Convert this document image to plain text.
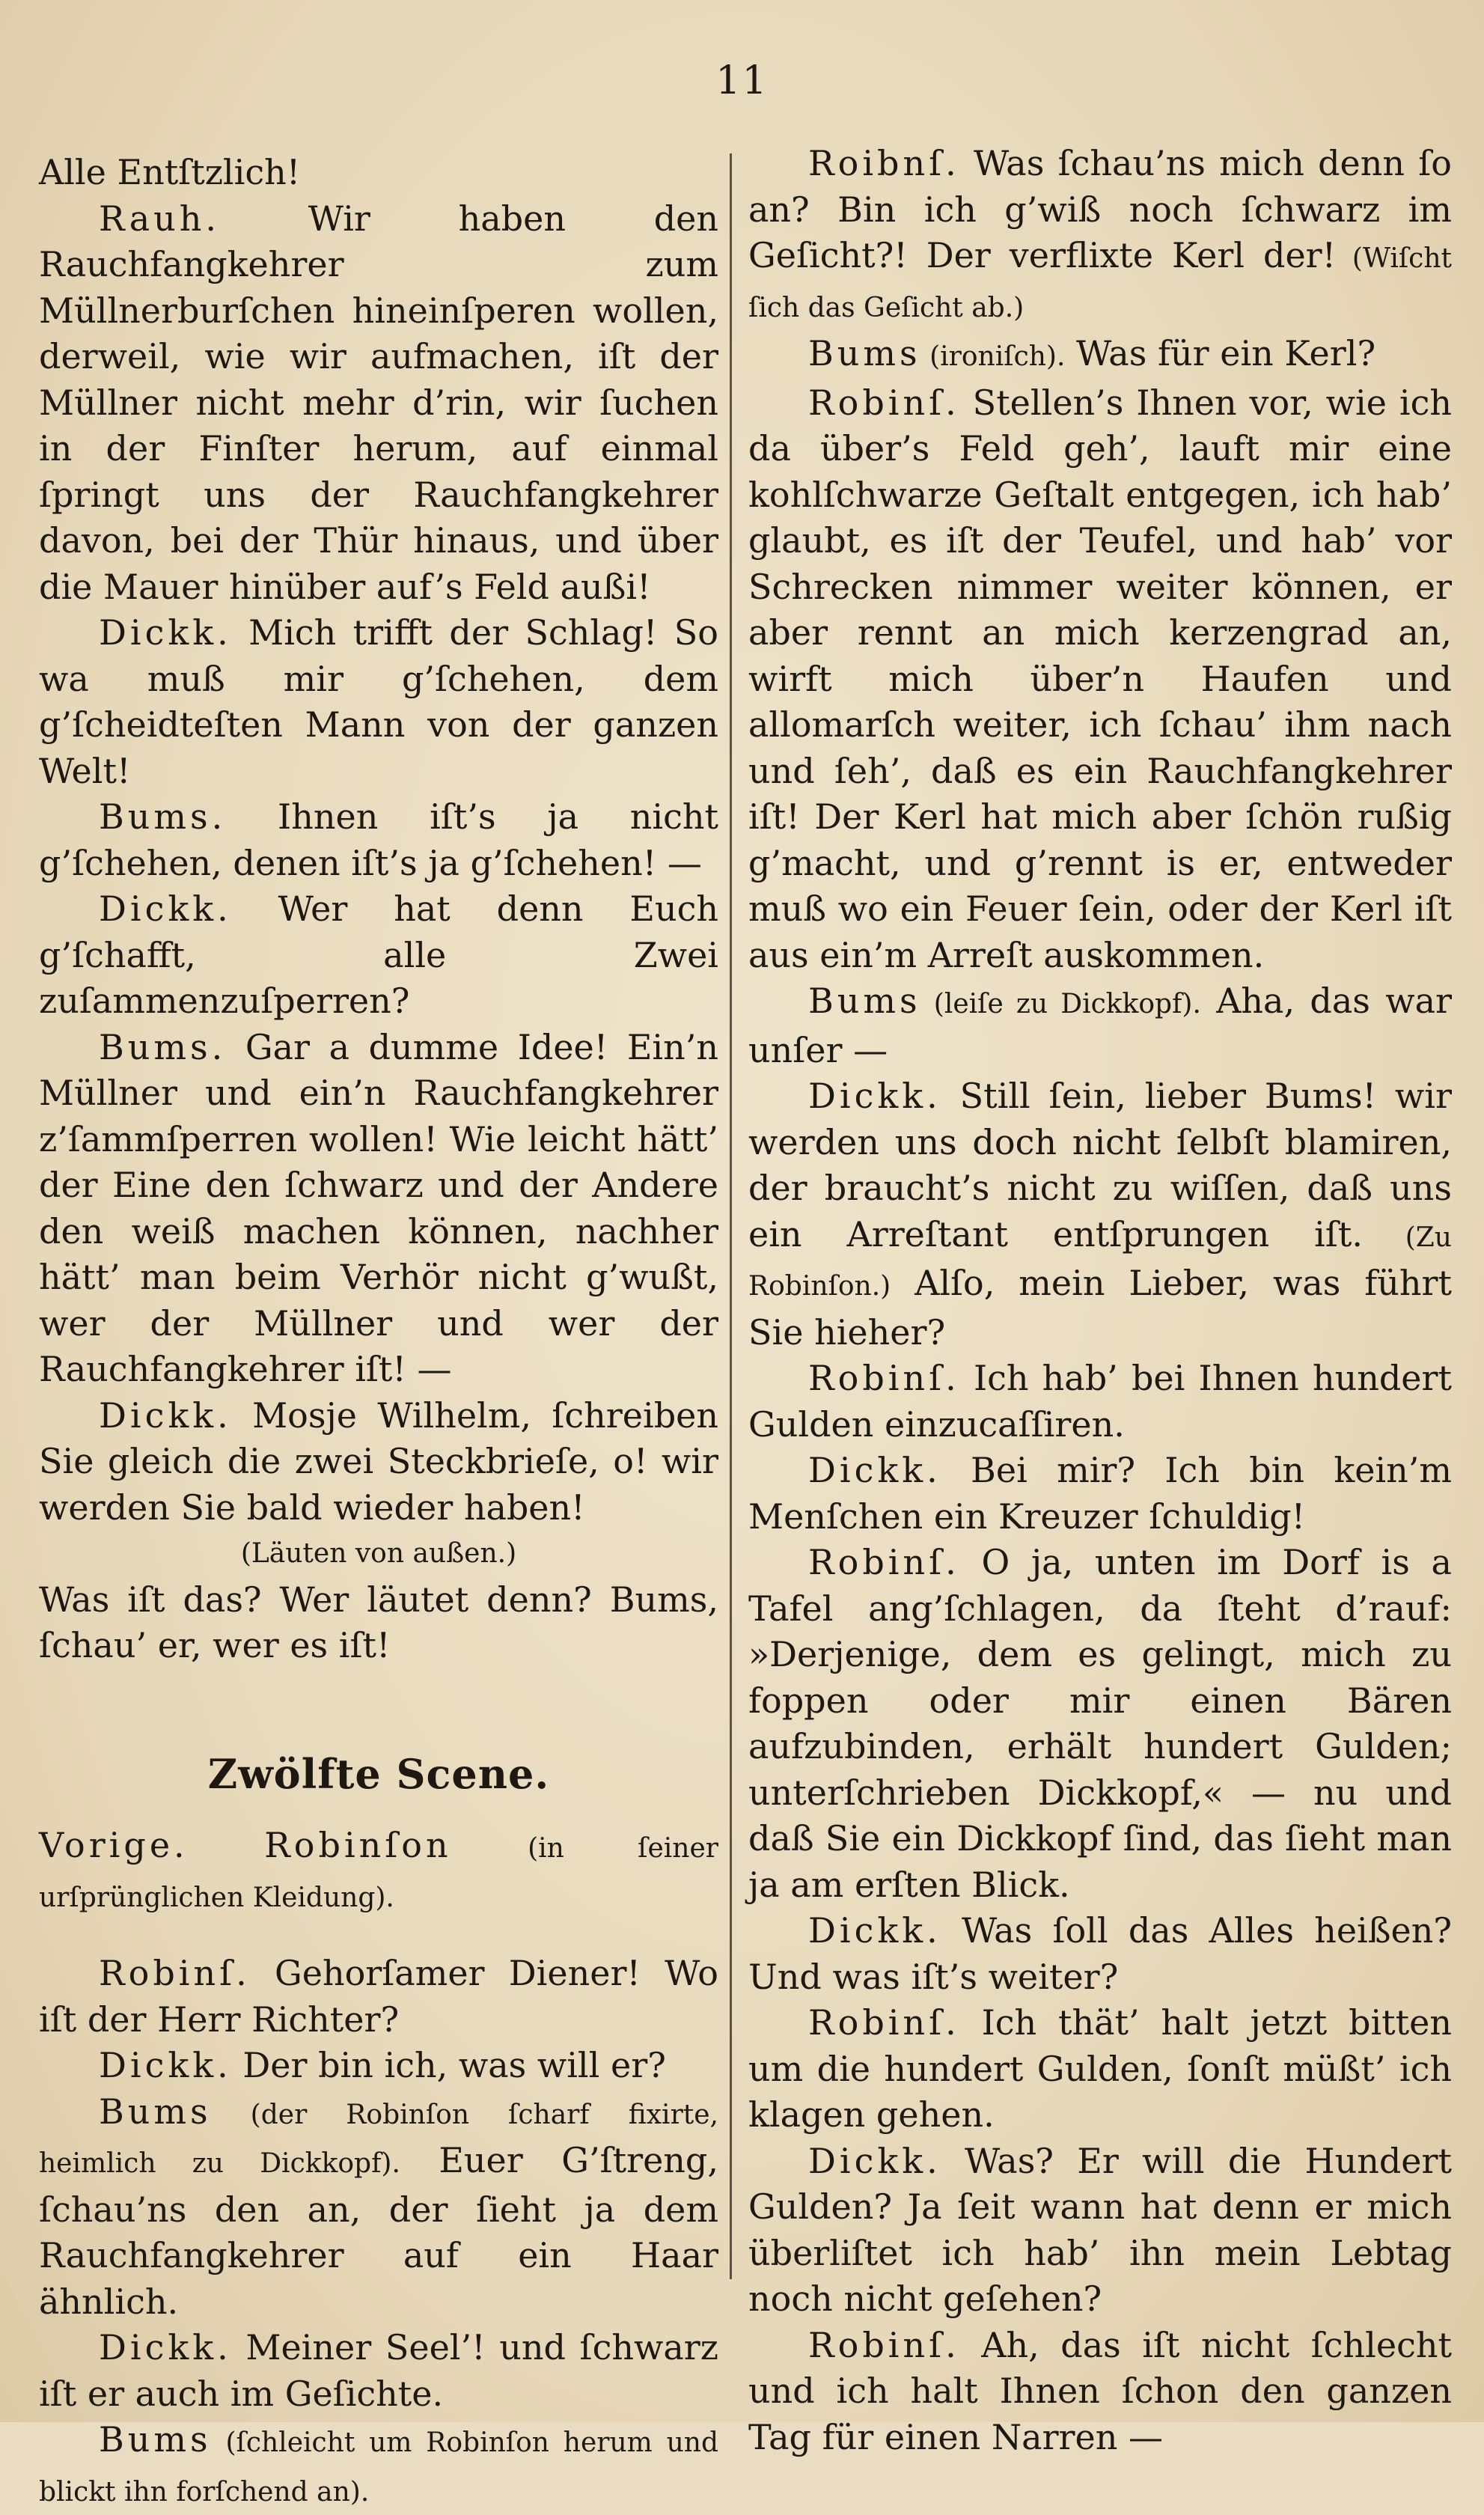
11

Alle Entſtzlich!

Rauh. Wir haben den Rauchfangkehrer zum Müllnerburſchen hineinſperen wollen, derweil, wie wir aufmachen, iſt der Müllner nicht mehr d’rin, wir ſuchen in der Finſter herum, auf einmal ſpringt uns der Rauchfangkehrer davon, bei der Thür hinaus, und über die Mauer hinüber auf’s Feld außi!

Dickk. Mich trifft der Schlag! So wa muß mir g’ſchehen, dem g’ſcheidteſten Mann von der ganzen Welt!

Bums. Ihnen iſt’s ja nicht g’ſchehen, denen iſt’s ja g’ſchehen! —

Dickk. Wer hat denn Euch g’ſchafft, alle Zwei zuſammenzuſperren?

Bums. Gar a dumme Idee! Ein’n Müllner und ein’n Rauchfangkehrer z’ſammſperren wollen! Wie leicht hätt’ der Eine den ſchwarz und der Andere den weiß machen können, nachher hätt’ man beim Verhör nicht g’wußt, wer der Müllner und wer der Rauchfangkehrer iſt! —

Dickk. Mosje Wilhelm, ſchreiben Sie gleich die zwei Steckbrieſe, o! wir werden Sie bald wieder haben!

(Läuten von außen.)

Was iſt das? Wer läutet denn? Bums, ſchau’ er, wer es iſt!

Zwölfte Scene.

Vorige. Robinſon	(in ſeiner urſprünglichen Kleidung).

Robinſ. Gehorſamer Diener! Wo iſt der Herr Richter?

Dickk. Der bin ich, was will er?

Bums (der Robinſon ſcharf fixirte, heimlich zu Dickkopf). Euer G’ſtreng, ſchau’ns den an, der ſieht ja dem Rauchfangkehrer auf ein Haar ähnlich.

Dickk. Meiner Seel’! und ſchwarz iſt er auch im Geſichte.

Bums (ſchleicht um Robinſon herum und blickt ihn forſchend an).

Roibnſ. Was ſchau’ns mich denn ſo an? Bin ich g’wiß noch ſchwarz im Geſicht?! Der verflixte Kerl der! (Wiſcht ſich das Geſicht ab.)

Bums (ironiſch). Was für ein Kerl?

Robinſ. Stellen’s Ihnen vor, wie ich da über’s Feld geh’, lauft mir eine kohlſchwarze Geſtalt entgegen, ich hab’ glaubt, es iſt der Teufel, und hab’ vor Schrecken nimmer weiter können, er aber rennt an mich kerzengrad an, wirft mich über’n Haufen und allomarſch weiter, ich ſchau’ ihm nach und ſeh’, daß es ein Rauchfangkehrer iſt! Der Kerl hat mich aber ſchön rußig g’macht, und g’rennt is er, entweder muß wo ein Feuer ſein, oder der Kerl iſt aus ein’m Arreſt auskommen.

Bums (leiſe zu Dickkopf). Aha, das war unſer —

Dickk. Still ſein, lieber Bums! wir werden uns doch nicht ſelbſt blamiren, der braucht’s nicht zu wiſſen, daß uns ein Arreſtant entſprungen iſt. (Zu Robinſon.) Alſo, mein Lieber, was führt Sie hieher?

Robinſ. Ich hab’ bei Ihnen hundert Gulden einzucaſſiren.

Dickk. Bei mir? Ich bin kein’m Menſchen ein Kreuzer ſchuldig!

Robinſ. O ja, unten im Dorf is a Tafel ang’ſchlagen, da ſteht d’rauf: »Derjenige, dem es gelingt, mich zu foppen oder mir einen Bären aufzubinden, erhält hundert Gulden; unterſchrieben Dickkopf,« — nu und daß Sie ein Dickkopf ſind, das ſieht man ja am erſten Blick.

Dickk. Was ſoll das Alles heißen? Und was iſt’s weiter?

Robinſ. Ich thät’ halt jetzt bitten um die hundert Gulden, ſonſt müßt’ ich klagen gehen.

Dickk. Was? Er will die Hundert Gulden? Ja ſeit wann hat denn er mich überliſtet ich hab’ ihn mein Lebtag noch nicht geſehen?

Robinſ. Ah, das iſt nicht ſchlecht und ich halt Ihnen ſchon den ganzen Tag für einen Narren —
